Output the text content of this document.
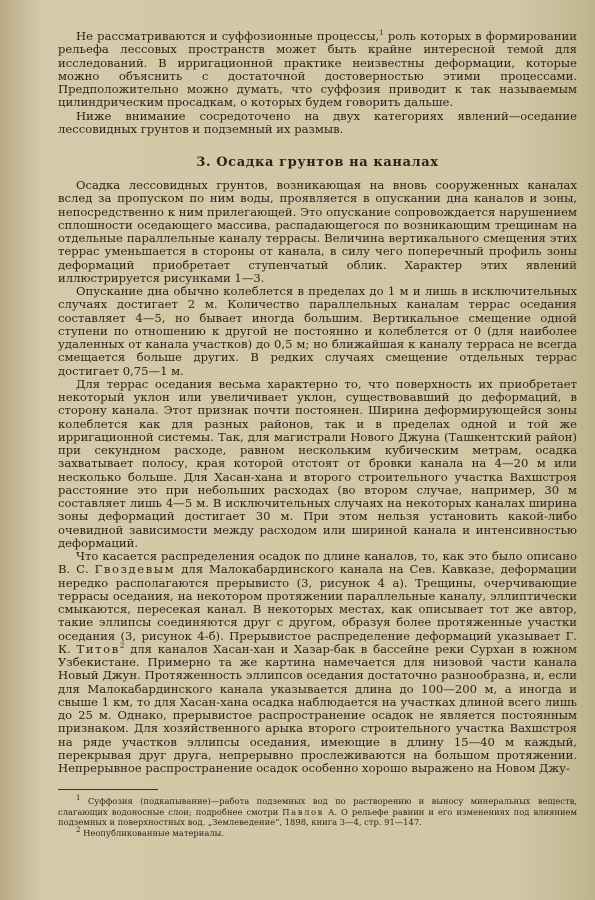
Не рассматриваются и суффозионные процессы,$^1$ роль которых в формировании рельефа лессовых пространств может быть крайне интересной темой для исследований. В ирригационной практике неизвестны деформации, которые можно объяснить с достаточной достоверностью этими процессами. Предположительно можно думать, что суффозия приводит к так называемым цилиндрическим просадкам, о которых будем говорить дальше.

Ниже внимание сосредоточено на двух категориях явлений—оседание лессовидных грунтов и подземный их размыв.

3. Осадка грунтов на каналах

Осадка лессовидных грунтов, возникающая на вновь сооруженных каналах вслед за пропуском по ним воды, проявляется в опускании дна каналов и зоны, непосредственно к ним прилегающей. Это опускание сопровождается нарушением сплошности оседающего массива, распадающегося по возникающим трещинам на отдельные параллельные каналу террасы. Величина вертикального смещения этих террас уменьшается в стороны от канала, в силу чего поперечный профиль зоны деформаций приобретает ступенчатый облик. Характер этих явлений иллюстрируется рисунками 1—3.

Опускание дна обычно колеблется в пределах до 1 м и лишь в исключительных случаях достигает 2 м. Количество параллельных каналам террас оседания составляет 4—5, но бывает иногда большим. Вертикальное смещение одной ступени по отношению к другой не постоянно и колеблется от 0 (для наиболее удаленных от канала участков) до 0,5 м; но ближайшая к каналу терраса не всегда смещается больше других. В редких случаях смещение отдельных террас достигает 0,75—1 м.

Для террас оседания весьма характерно то, что поверхность их приобретает некоторый уклон или увеличивает уклон, существовавший до деформаций, в сторону канала. Этот признак почти постоянен. Ширина деформирующейся зоны колеблется как для разных районов, так и в пределах одной и той же ирригационной системы. Так, для магистрали Нового Джуна (Ташкентский район) при секундном расходе, равном нескольким кубическим метрам, осадка захватывает полосу, края которой отстоят от бровки канала на 4—20 м или несколько больше. Для Хасан-хана и второго строительного участка Вахшстроя расстояние это при небольших расходах (во втором случае, например, 30 м составляет лишь 4—5 м. В исключительных случаях на некоторых каналах ширина зоны деформаций достигает 30 м. При этом нельзя установить какой-либо очевидной зависимости между расходом или шириной канала и интенсивностью деформаций.

Что касается распределения осадок по длине каналов, то, как это было описано В. С. Гвоздевым для Малокабардинского канала на Сев. Кавказе, деформации нередко располагаются прерывисто (3, рисунок 4 а). Трещины, очерчивающие террасы оседания, на некотором протяжении параллельные каналу, эллиптически смыкаются, пересекая канал. В некоторых местах, как описывает тот же автор, такие эллипсы соединяются друг с другом, образуя более протяженные участки оседания (3, рисунок 4-б). Прерывистое распределение деформаций указывает Г. К. Титов$^2$ для каналов Хасан-хан и Хазар-бак в бассейне реки Сурхан в южном Узбекистане. Примерно та же картина намечается для низовой части канала Новый Джун. Протяженность эллипсов оседания достаточно разнообразна, и, если для Малокабардинского канала указывается длина до 100—200 м, а иногда и свыше 1 км, то для Хасан-хана осадка наблюдается на участках длиной всего лишь до 25 м. Однако, прерывистое распространение осадок не является постоянным признаком. Для хозяйственного арыка второго строительного участка Вахшстроя на ряде участков эллипсы оседания, имеющие в длину 15—40 м каждый, перекрывая друг друга, непрерывно прослеживаются на большом протяжении. Непрерывное распространение осадок особенно хорошо выражено на Новом Джу-

$^1$ Суффозия (подкапывание)—работа подземных вод по растворению и выносу минеральных веществ, слагающих водоносные слои; подробнее смотри Павлов А. О рельефе равнин и его изменениях под влиянием подземных и поверхностных вод. „Землеведение“, 1898, книга 3—4, стр. 91—147.

$^2$ Неопубликованные материалы.
